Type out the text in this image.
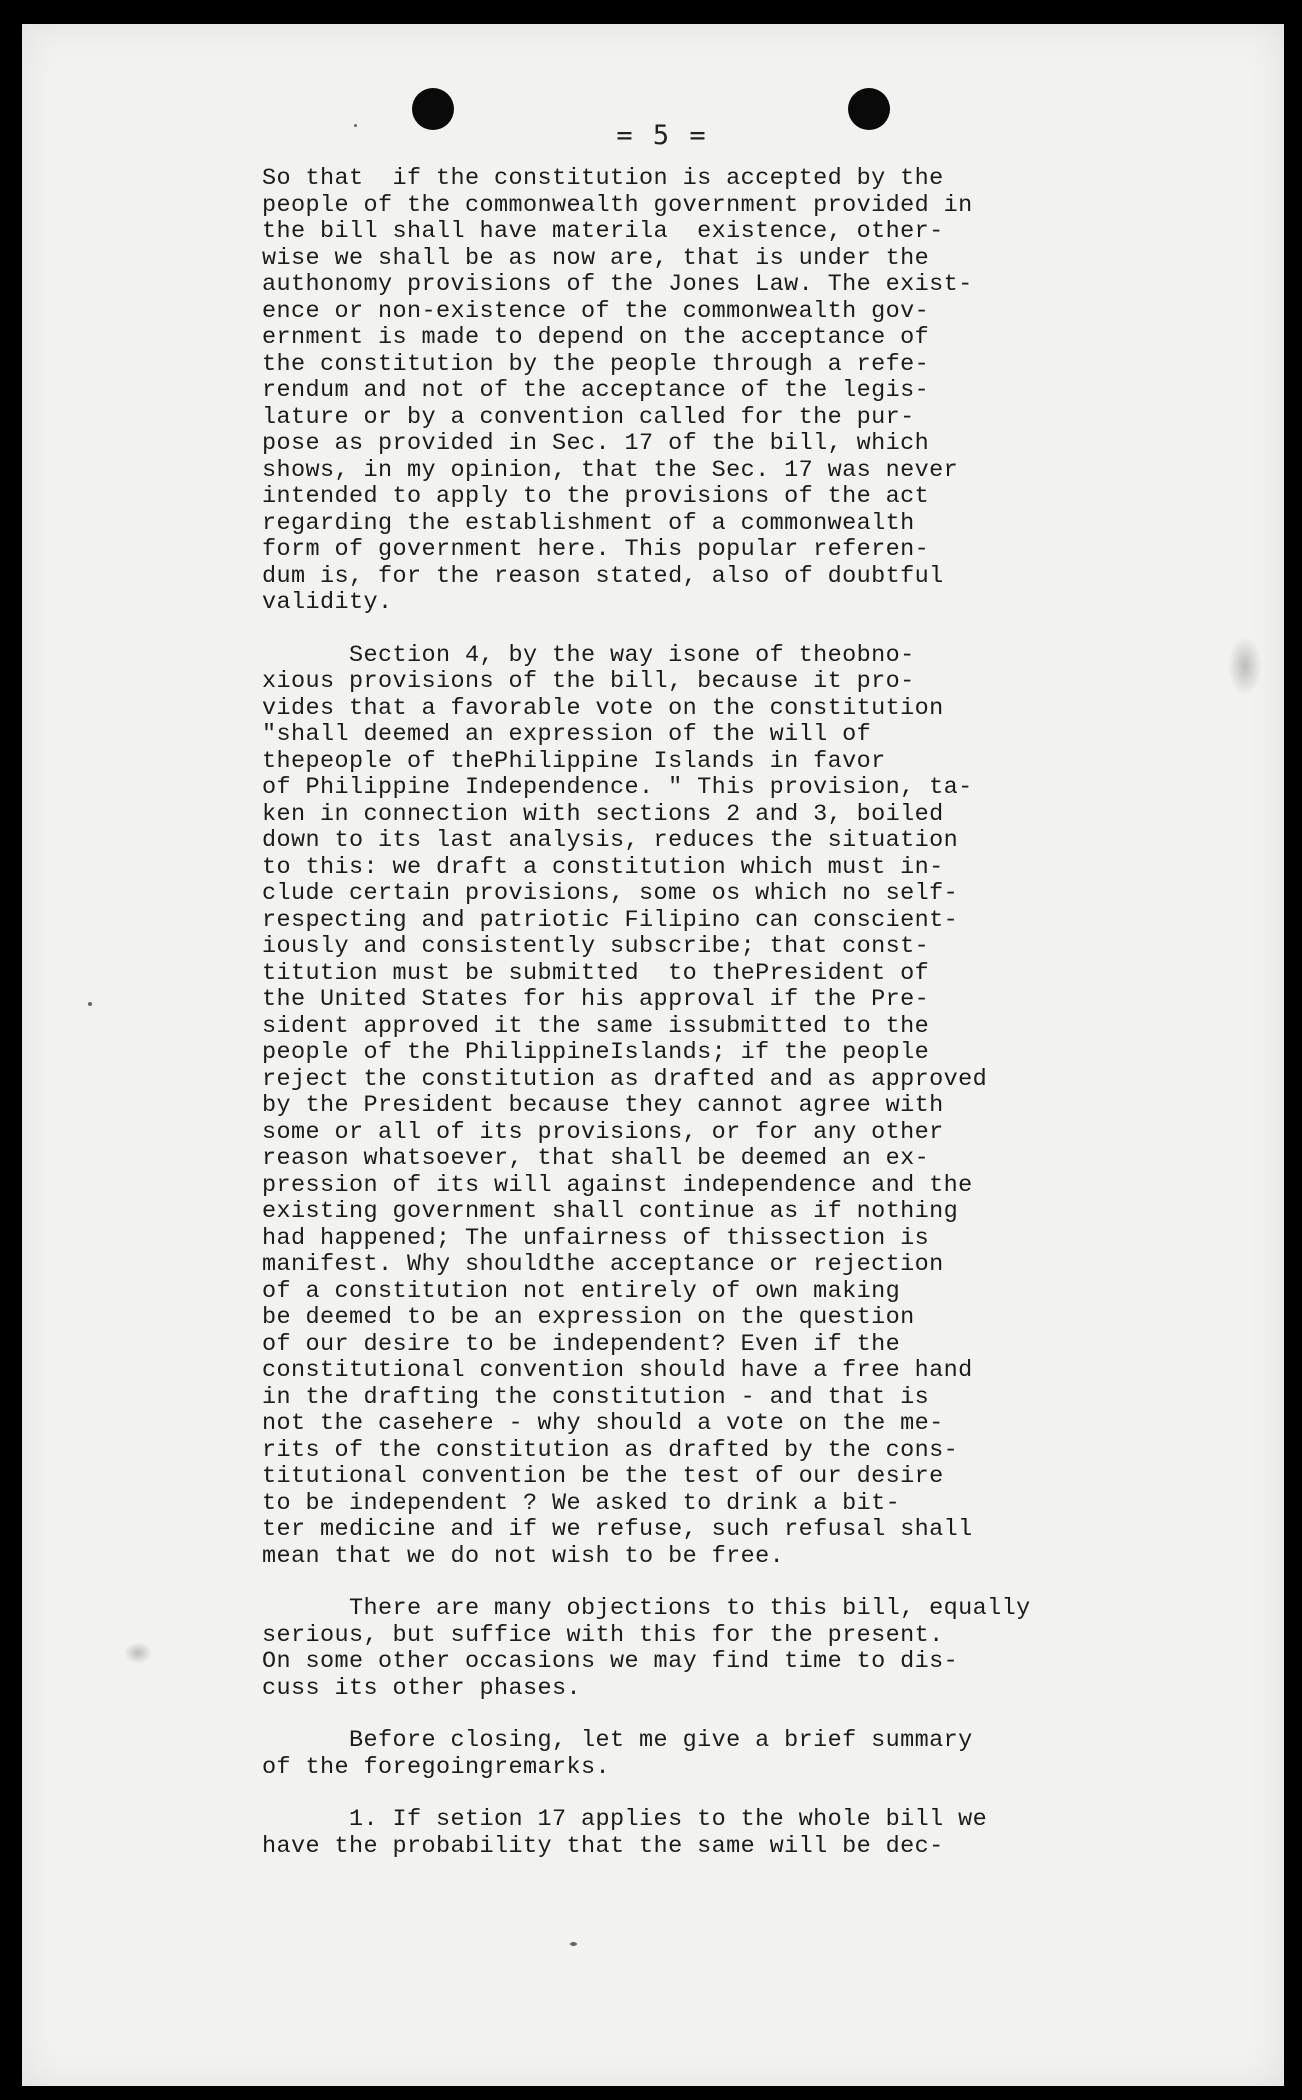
= 5 =
So that  if the constitution is accepted by the
people of the commonwealth government provided in
the bill shall have materila  existence, other-
wise we shall be as now are, that is under the
authonomy provisions of the Jones Law. The exist-
ence or non-existence of the commonwealth gov-
ernment is made to depend on the acceptance of
the constitution by the people through a refe-
rendum and not of the acceptance of the legis-
lature or by a convention called for the pur-
pose as provided in Sec. 17 of the bill, which
shows, in my opinion, that the Sec. 17 was never
intended to apply to the provisions of the act
regarding the establishment of a commonwealth
form of government here. This popular referen-
dum is, for the reason stated, also of doubtful
validity.
Section 4, by the way isone of theobno-
xious provisions of the bill, because it pro-
vides that a favorable vote on the constitution
"shall deemed an expression of the will of
thepeople of thePhilippine Islands in favor
of Philippine Independence. " This provision, ta-
ken in connection with sections 2 and 3, boiled
down to its last analysis, reduces the situation
to this: we draft a constitution which must in-
clude certain provisions, some os which no self-
respecting and patriotic Filipino can conscient-
iously and consistently subscribe; that const-
titution must be submitted  to thePresident of
the United States for his approval if the Pre-
sident approved it the same issubmitted to the
people of the PhilippineIslands; if the people
reject the constitution as drafted and as approved
by the President because they cannot agree with
some or all of its provisions, or for any other
reason whatsoever, that shall be deemed an ex-
pression of its will against independence and the
existing government shall continue as if nothing
had happened; The unfairness of thissection is
manifest. Why shouldthe acceptance or rejection
of a constitution not entirely of own making
be deemed to be an expression on the question
of our desire to be independent? Even if the
constitutional convention should have a free hand
in the drafting the constitution - and that is
not the casehere - why should a vote on the me-
rits of the constitution as drafted by the cons-
titutional convention be the test of our desire
to be independent ? We asked to drink a bit-
ter medicine and if we refuse, such refusal shall
mean that we do not wish to be free.
There are many objections to this bill, equally
serious, but suffice with this for the present.
On some other occasions we may find time to dis-
cuss its other phases.
Before closing, let me give a brief summary
of the foregoingremarks.
1. If setion 17 applies to the whole bill we
have the probability that the same will be dec-
